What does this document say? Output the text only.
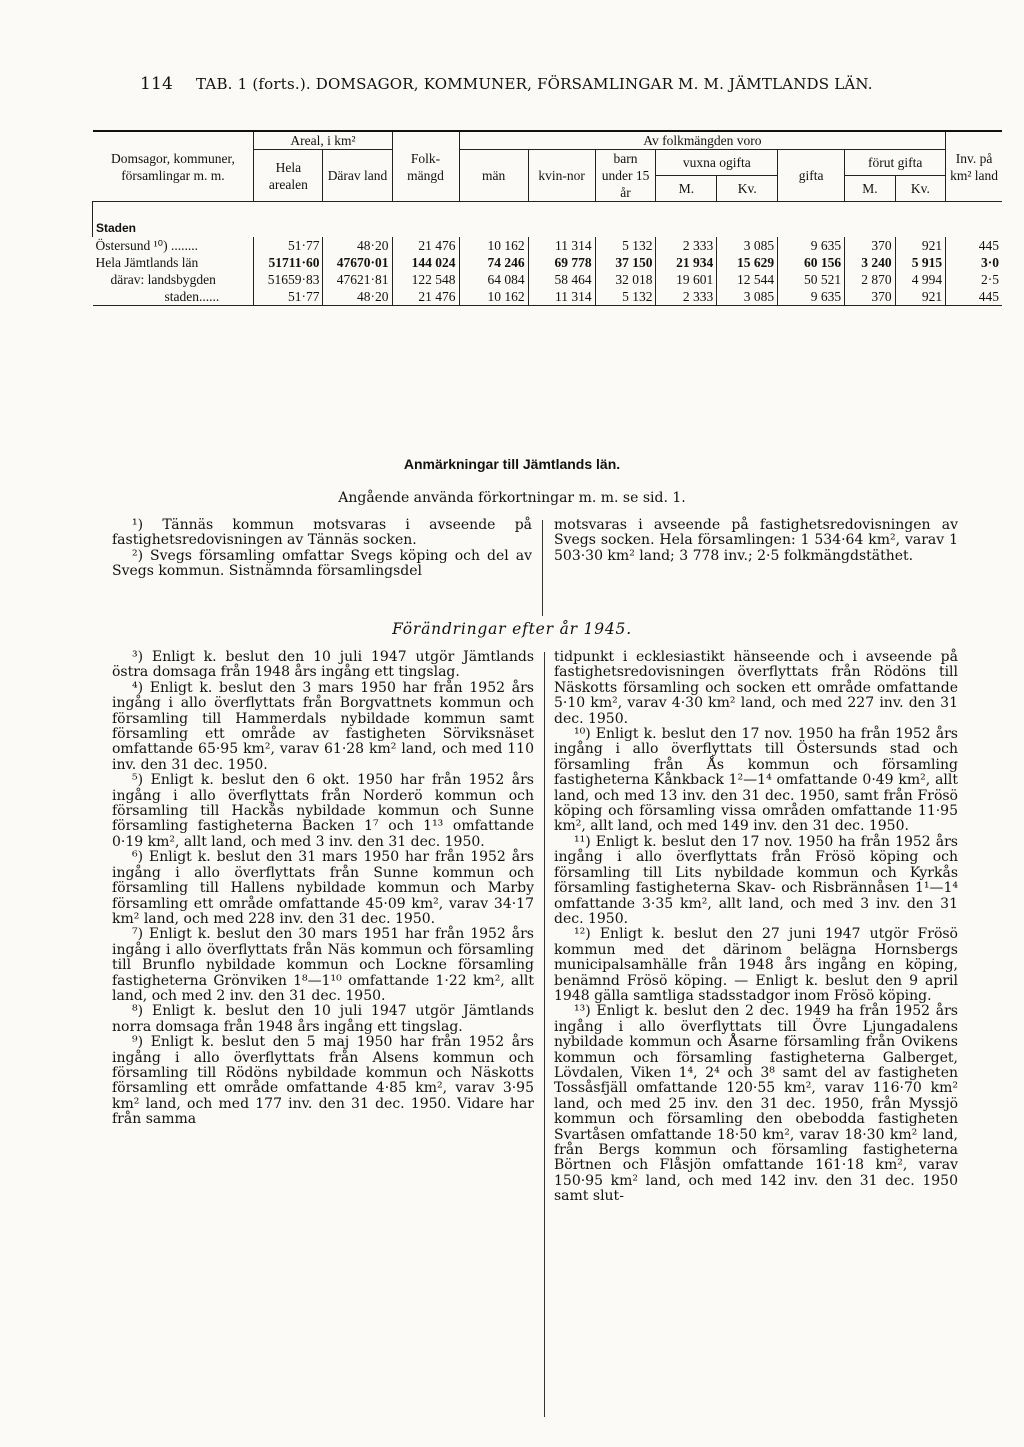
114 TAB. 1 (forts.). DOMSAGOR, KOMMUNER, FÖRSAMLINGAR M. M. JÄMTLANDS LÄN.
Domsagor, kommuner, församlingar m. m.	Areal, i km²		Folk-mängd	Av folkmängden voro								Inv. på km² land
	Hela arealen	Därav land		män	kvin-nor	barn under 15 år	vuxna ogifta		gifta	förut gifta		
							M.	Kv.		M.	Kv.	
Staden												
Östersund ¹⁰) ........	51·77	48·20	21 476	10 162	11 314	5 132	2 333	3 085	9 635	370	921	445
Hela Jämtlands län	51711·60	47670·01	144 024	74 246	69 778	37 150	21 934	15 629	60 156	3 240	5 915	3·0
därav: landsbygden	51659·83	47621·81	122 548	64 084	58 464	32 018	19 601	12 544	50 521	2 870	4 994	2·5
staden......	51·77	48·20	21 476	10 162	11 314	5 132	2 333	3 085	9 635	370	921	445
Anmärkningar till Jämtlands län.
Angående använda förkortningar m. m. se sid. 1.

¹) Tännäs kommun motsvaras i avseende på fastighetsredovisningen av Tännäs socken.

²) Svegs församling omfattar Svegs köping och del av Svegs kommun. Sistnämnda församlingsdel

motsvaras i avseende på fastighetsredovisningen av Svegs socken. Hela församlingen: 1 534·64 km², varav 1 503·30 km² land; 3 778 inv.; 2·5 folkmängdstäthet.

Förändringar efter år 1945.

³) Enligt k. beslut den 10 juli 1947 utgör Jämtlands östra domsaga från 1948 års ingång ett tingslag.

⁴) Enligt k. beslut den 3 mars 1950 har från 1952 års ingång i allo överflyttats från Borgvattnets kommun och församling till Hammerdals nybildade kommun samt församling ett område av fastigheten Sörviksnäset omfattande 65·95 km², varav 61·28 km² land, och med 110 inv. den 31 dec. 1950.

⁵) Enligt k. beslut den 6 okt. 1950 har från 1952 års ingång i allo överflyttats från Norderö kommun och församling till Hackås nybildade kommun och Sunne församling fastigheterna Backen 1⁷ och 1¹³ omfattande 0·19 km², allt land, och med 3 inv. den 31 dec. 1950.

⁶) Enligt k. beslut den 31 mars 1950 har från 1952 års ingång i allo överflyttats från Sunne kommun och församling till Hallens nybildade kommun och Marby församling ett område omfattande 45·09 km², varav 34·17 km² land, och med 228 inv. den 31 dec. 1950.

⁷) Enligt k. beslut den 30 mars 1951 har från 1952 års ingång i allo överflyttats från Näs kommun och församling till Brunflo nybildade kommun och Lockne församling fastigheterna Grönviken 1⁸—1¹⁰ omfattande 1·22 km², allt land, och med 2 inv. den 31 dec. 1950.

⁸) Enligt k. beslut den 10 juli 1947 utgör Jämtlands norra domsaga från 1948 års ingång ett tingslag.

⁹) Enligt k. beslut den 5 maj 1950 har från 1952 års ingång i allo överflyttats från Alsens kommun och församling till Rödöns nybildade kommun och Näskotts församling ett område omfattande 4·85 km², varav 3·95 km² land, och med 177 inv. den 31 dec. 1950. Vidare har från samma

tidpunkt i ecklesiastikt hänseende och i avseende på fastighetsredovisningen överflyttats från Rödöns till Näskotts församling och socken ett område omfattande 5·10 km², varav 4·30 km² land, och med 227 inv. den 31 dec. 1950.

¹⁰) Enligt k. beslut den 17 nov. 1950 ha från 1952 års ingång i allo överflyttats till Östersunds stad och församling från Ås kommun och församling fastigheterna Kånkback 1²—1⁴ omfattande 0·49 km², allt land, och med 13 inv. den 31 dec. 1950, samt från Frösö köping och församling vissa områden omfattande 11·95 km², allt land, och med 149 inv. den 31 dec. 1950.

¹¹) Enligt k. beslut den 17 nov. 1950 ha från 1952 års ingång i allo överflyttats från Frösö köping och församling till Lits nybildade kommun och Kyrkås församling fastigheterna Skav- och Risbrännåsen 1¹—1⁴ omfattande 3·35 km², allt land, och med 3 inv. den 31 dec. 1950.

¹²) Enligt k. beslut den 27 juni 1947 utgör Frösö kommun med det därinom belägna Hornsbergs municipalsamhälle från 1948 års ingång en köping, benämnd Frösö köping. — Enligt k. beslut den 9 april 1948 gälla samtliga stadsstadgor inom Frösö köping.

¹³) Enligt k. beslut den 2 dec. 1949 ha från 1952 års ingång i allo överflyttats till Övre Ljungadalens nybildade kommun och Åsarne församling från Ovikens kommun och församling fastigheterna Galberget, Lövdalen, Viken 1⁴, 2⁴ och 3⁸ samt del av fastigheten Tossåsfjäll omfattande 120·55 km², varav 116·70 km² land, och med 25 inv. den 31 dec. 1950, från Myssjö kommun och församling den obebodda fastigheten Svartåsen omfattande 18·50 km², varav 18·30 km² land, från Bergs kommun och församling fastigheterna Börtnen och Flåsjön omfattande 161·18 km², varav 150·95 km² land, och med 142 inv. den 31 dec. 1950 samt slut-
